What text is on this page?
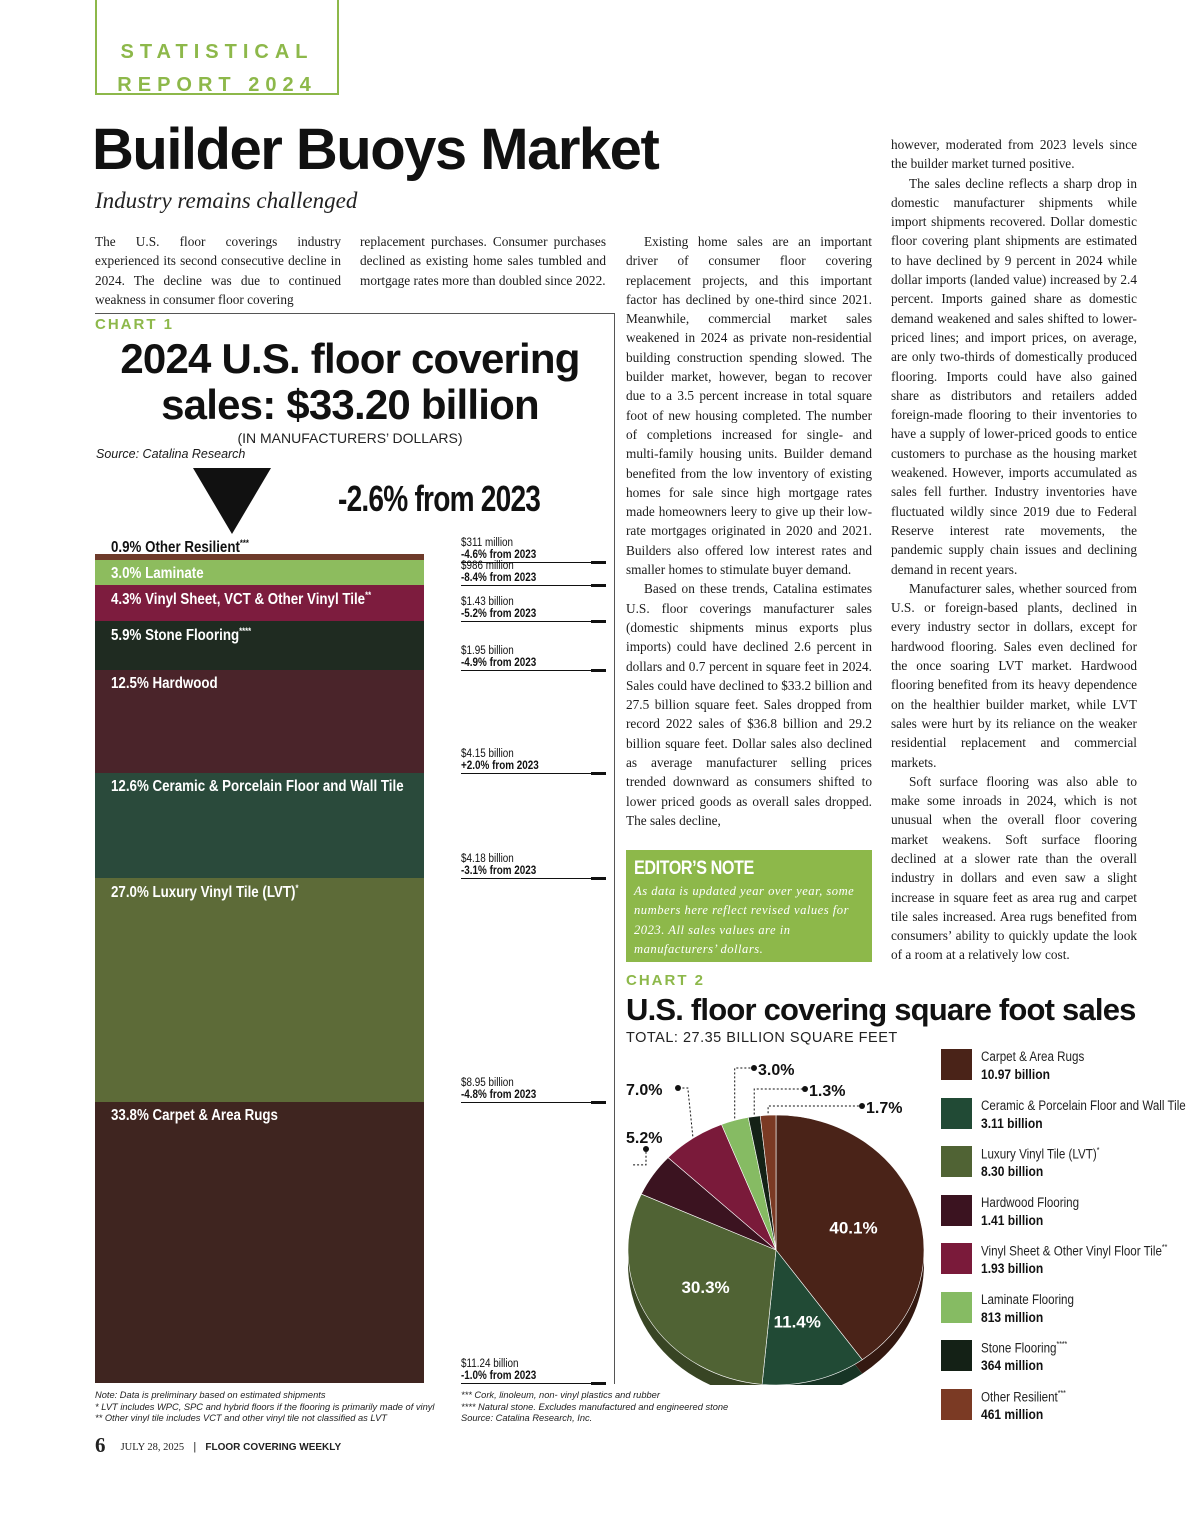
STATISTICAL
REPORT 2024
Builder Buoys Market
Industry remains challenged

The U.S. floor coverings industry experienced its second consecutive decline in 2024. The decline was due to continued weakness in consumer floor covering

replacement purchases. Consumer purchases declined as existing home sales tumbled and mortgage rates more than doubled since 2022.

Existing home sales are an important driver of consumer floor covering replacement projects, and this important factor has declined by one-third since 2021. Meanwhile, commercial market sales weakened in 2024 as private non-residential building construction spending slowed. The builder market, however, began to recover due to a 3.5 percent increase in total square foot of new housing completed. The number of completions increased for single- and multi-family housing units. Builder demand benefited from the low inventory of existing homes for sale since high mortgage rates made homeowners leery to give up their low-rate mortgages originated in 2020 and 2021. Builders also offered low interest rates and smaller homes to stimulate buyer demand.

Based on these trends, Catalina estimates U.S. floor coverings manufacturer sales (domestic shipments minus exports plus imports) could have declined 2.6 percent in dollars and 0.7 percent in square feet in 2024. Sales could have declined to $33.2 billion and 27.5 billion square feet. Sales dropped from record 2022 sales of $36.8 billion and 29.2 billion square feet. Dollar sales also declined as average manufacturer selling prices trended downward as consumers shifted to lower priced goods as overall sales dropped. The sales decline,

however, moderated from 2023 levels since the builder market turned positive.

The sales decline reflects a sharp drop in domestic manufacturer shipments while import shipments recovered. Dollar domestic floor covering plant shipments are estimated to have declined by 9 percent in 2024 while dollar imports (landed value) increased by 2.4 percent. Imports gained share as domestic demand weakened and sales shifted to lower-priced lines; and import prices, on average, are only two-thirds of domestically produced flooring. Imports could have also gained share as distributors and retailers added foreign-made flooring to their inventories to have a supply of lower-priced goods to entice customers to purchase as the housing market weakened. However, imports accumulated as sales fell further. Industry inventories have fluctuated wildly since 2019 due to Federal Reserve interest rate movements, the pandemic supply chain issues and declining demand in recent years.

Manufacturer sales, whether sourced from U.S. or foreign-based plants, declined in every industry sector in dollars, except for hardwood flooring. Sales even declined for the once soaring LVT market. Hardwood flooring benefited from its heavy dependence on the healthier builder market, while LVT sales were hurt by its reliance on the weaker residential replacement and commercial markets.

Soft surface flooring was also able to make some inroads in 2024, which is not unusual when the overall floor covering market weakens. Soft surface flooring declined at a slower rate than the overall industry in dollars and even saw a slight increase in square feet as area rug and carpet tile sales increased. Area rugs benefited from consumers’ ability to quickly update the look of a room at a relatively low cost.

EDITOR’S NOTE
As data is updated year over year, some numbers here reflect revised values for 2023. All sales values are in manufacturers’ dollars.
CHART 1
2024 U.S. floor covering sales: $33.20 billion
(IN MANUFACTURERS’ DOLLARS)
Source: Catalina Research
-2.6% from 2023
0.9% Other Resilient***	$311 million
-4.6% from 2023
3.0% Laminate	$986 million
-8.4% from 2023
4.3% Vinyl Sheet, VCT & Other Vinyl Tile**
$1.43 billion
-5.2% from 2023
5.9% Stone Flooring****
$1.95 billion
-4.9% from 2023
12.5% Hardwood
$4.15 billion
+2.0% from 2023
12.6% Ceramic & Porcelain Floor and Wall Tile
$4.18 billion
-3.1% from 2023
27.0% Luxury Vinyl Tile (LVT)*
$8.95 billion
-4.8% from 2023
33.8% Carpet & Area Rugs
$11.24 billion
-1.0% from 2023
Note: Data is preliminary based on estimated shipments
* LVT includes WPC, SPC and hybrid floors if the flooring is primarily made of vinyl
** Other vinyl tile includes VCT and other vinyl tile not classified as LVT
*** Cork, linoleum, non- vinyl plastics and rubber
**** Natural stone. Excludes manufactured and engineered stone
Source: Catalina Research, Inc.
CHART 2
U.S. floor covering square foot sales
TOTAL: 27.35 BILLION SQUARE FEET
40.1%
11.4%
30.3%
5.2%
7.0%
3.0%
1.3%
1.7%
Carpet & Area Rugs
10.97 billion
Ceramic & Porcelain Floor and Wall Tile
3.11 billion
Luxury Vinyl Tile (LVT)*
8.30 billion
Hardwood Flooring
1.41 billion
Vinyl Sheet & Other Vinyl Floor Tile**
1.93 billion
Laminate Flooring
813 million
Stone Flooring****
364 million
Other Resilient***
461 million
6 JULY 28, 2025 | FLOOR COVERING WEEKLY
